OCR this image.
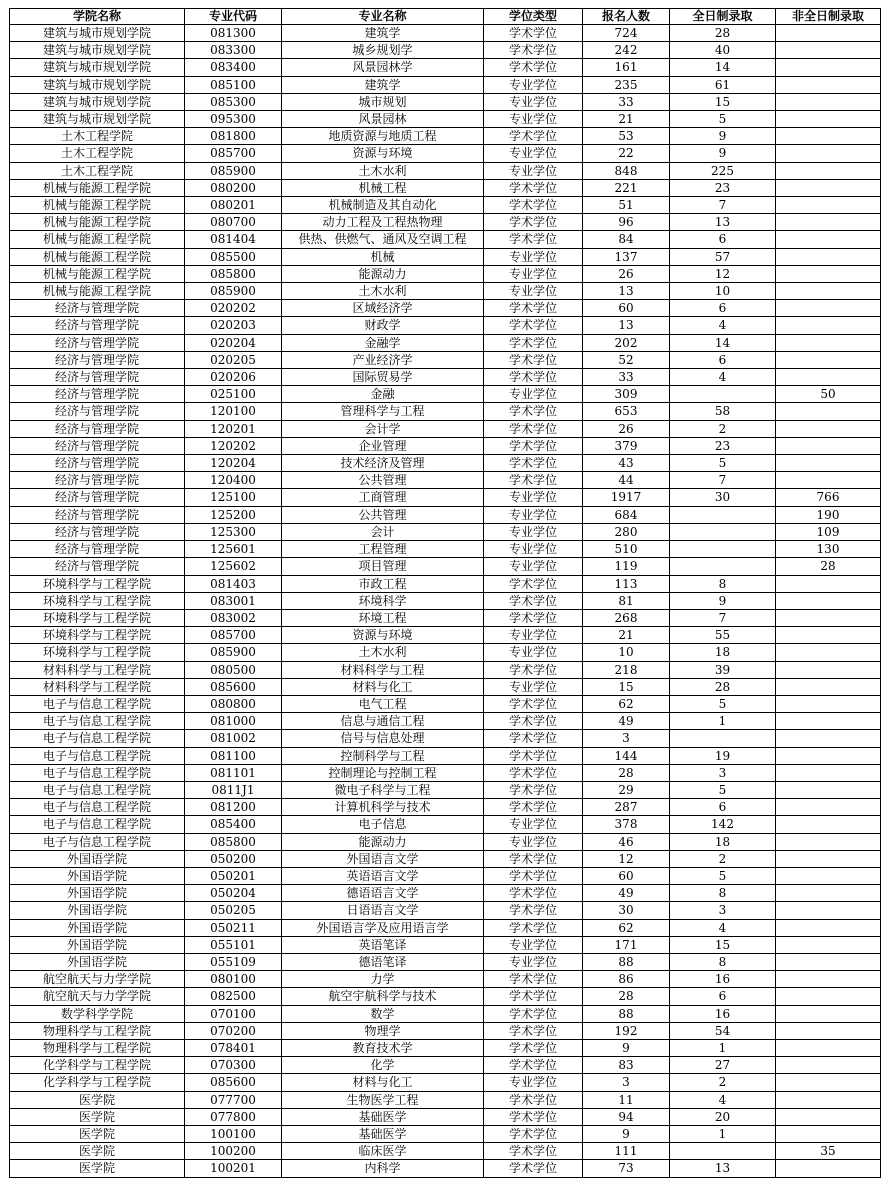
学院名称	专业代码	专业名称	学位类型	报名人数	全日制录取	非全日制录取
建筑与城市规划学院	081300	建筑学	学术学位	724	28	
建筑与城市规划学院	083300	城乡规划学	学术学位	242	40	
建筑与城市规划学院	083400	风景园林学	学术学位	161	14	
建筑与城市规划学院	085100	建筑学	专业学位	235	61	
建筑与城市规划学院	085300	城市规划	专业学位	33	15	
建筑与城市规划学院	095300	风景园林	专业学位	21	5	
土木工程学院	081800	地质资源与地质工程	学术学位	53	9	
土木工程学院	085700	资源与环境	专业学位	22	9	
土木工程学院	085900	土木水利	专业学位	848	225	
机械与能源工程学院	080200	机械工程	学术学位	221	23	
机械与能源工程学院	080201	机械制造及其自动化	学术学位	51	7	
机械与能源工程学院	080700	动力工程及工程热物理	学术学位	96	13	
机械与能源工程学院	081404	供热、供燃气、通风及空调工程	学术学位	84	6	
机械与能源工程学院	085500	机械	专业学位	137	57	
机械与能源工程学院	085800	能源动力	专业学位	26	12	
机械与能源工程学院	085900	土木水利	专业学位	13	10	
经济与管理学院	020202	区域经济学	学术学位	60	6	
经济与管理学院	020203	财政学	学术学位	13	4	
经济与管理学院	020204	金融学	学术学位	202	14	
经济与管理学院	020205	产业经济学	学术学位	52	6	
经济与管理学院	020206	国际贸易学	学术学位	33	4	
经济与管理学院	025100	金融	专业学位	309		50
经济与管理学院	120100	管理科学与工程	学术学位	653	58	
经济与管理学院	120201	会计学	学术学位	26	2	
经济与管理学院	120202	企业管理	学术学位	379	23	
经济与管理学院	120204	技术经济及管理	学术学位	43	5	
经济与管理学院	120400	公共管理	学术学位	44	7	
经济与管理学院	125100	工商管理	专业学位	1917	30	766
经济与管理学院	125200	公共管理	专业学位	684		190
经济与管理学院	125300	会计	专业学位	280		109
经济与管理学院	125601	工程管理	专业学位	510		130
经济与管理学院	125602	项目管理	专业学位	119		28
环境科学与工程学院	081403	市政工程	学术学位	113	8	
环境科学与工程学院	083001	环境科学	学术学位	81	9	
环境科学与工程学院	083002	环境工程	学术学位	268	7	
环境科学与工程学院	085700	资源与环境	专业学位	21	55	
环境科学与工程学院	085900	土木水利	专业学位	10	18	
材料科学与工程学院	080500	材料科学与工程	学术学位	218	39	
材料科学与工程学院	085600	材料与化工	专业学位	15	28	
电子与信息工程学院	080800	电气工程	学术学位	62	5	
电子与信息工程学院	081000	信息与通信工程	学术学位	49	1	
电子与信息工程学院	081002	信号与信息处理	学术学位	3		
电子与信息工程学院	081100	控制科学与工程	学术学位	144	19	
电子与信息工程学院	081101	控制理论与控制工程	学术学位	28	3	
电子与信息工程学院	0811J1	微电子科学与工程	学术学位	29	5	
电子与信息工程学院	081200	计算机科学与技术	学术学位	287	6	
电子与信息工程学院	085400	电子信息	专业学位	378	142	
电子与信息工程学院	085800	能源动力	专业学位	46	18	
外国语学院	050200	外国语言文学	学术学位	12	2	
外国语学院	050201	英语语言文学	学术学位	60	5	
外国语学院	050204	德语语言文学	学术学位	49	8	
外国语学院	050205	日语语言文学	学术学位	30	3	
外国语学院	050211	外国语言学及应用语言学	学术学位	62	4	
外国语学院	055101	英语笔译	专业学位	171	15	
外国语学院	055109	德语笔译	专业学位	88	8	
航空航天与力学学院	080100	力学	学术学位	86	16	
航空航天与力学学院	082500	航空宇航科学与技术	学术学位	28	6	
数学科学学院	070100	数学	学术学位	88	16	
物理科学与工程学院	070200	物理学	学术学位	192	54	
物理科学与工程学院	078401	教育技术学	学术学位	9	1	
化学科学与工程学院	070300	化学	学术学位	83	27	
化学科学与工程学院	085600	材料与化工	专业学位	3	2	
医学院	077700	生物医学工程	学术学位	11	4	
医学院	077800	基础医学	学术学位	94	20	
医学院	100100	基础医学	学术学位	9	1	
医学院	100200	临床医学	学术学位	111		35
医学院	100201	内科学	学术学位	73	13	
